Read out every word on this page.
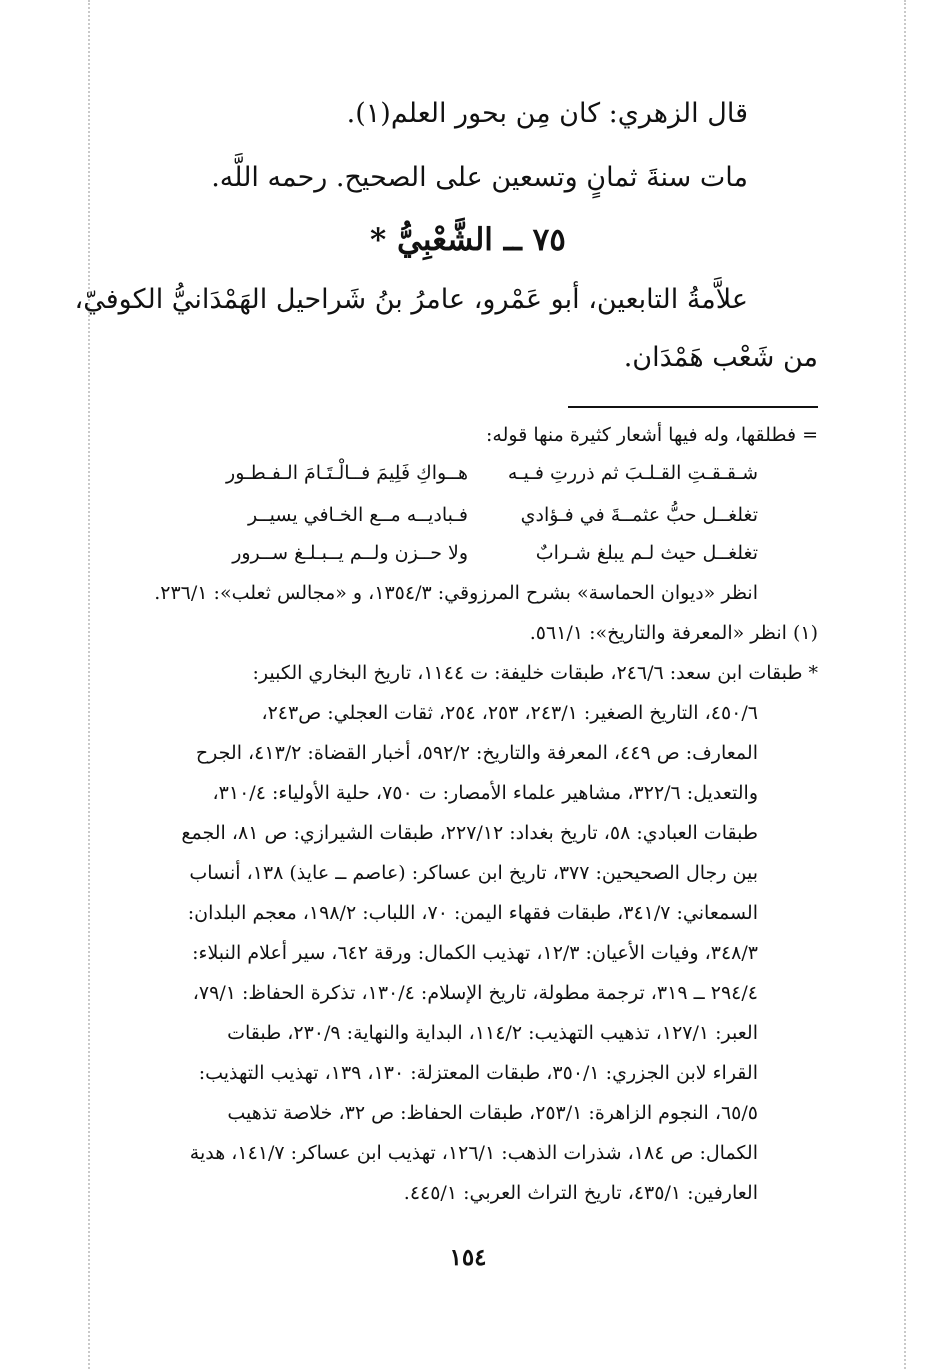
قال الزهري: كان مِن بحور العلم(١).
مات سنةَ ثمانٍ وتسعين على الصحيح. رحمه اللَّه.
٧٥ ــ الشَّعْبِيُّ *
علاَّمةُ التابعين، أبو عَمْرو، عامرُ بنُ شَراحيل الهَمْدَانيُّ الكوفيّ،
من شَعْب هَمْدَان.
= فطلقها، وله فيها أشعار كثيرة منها قوله:
شـقـقـتِ القـلـبَ ثم ذررتِ فـيـه
هــواكِ فَلِيمَ فــالْـتَـامَ الـفـطـور
تغلغــل حبُّ عثمــةَ في فـؤادي
فـباديــه مــع الخـافي يسيــر
تغلغــل حيث لـم يبلغ شـرابٌ
ولا حــزن ولــم يــبـلـغ ســرور
انظر «ديوان الحماسة» بشرح المرزوقي: ١٣٥٤/٣، و «مجالس ثعلب»: ٢٣٦/١.
(١) انظر «المعرفة والتاريخ»: ٥٦١/١.
* طبقات ابن سعد: ٢٤٦/٦، طبقات خليفة: ت ١١٤٤، تاريخ البخاري الكبير:
٤٥٠/٦، التاريخ الصغير: ٢٤٣/١، ٢٥٣، ٢٥٤، ثقات العجلي: ص٢٤٣،
المعارف: ص ٤٤٩، المعرفة والتاريخ: ٥٩٢/٢، أخبار القضاة: ٤١٣/٢، الجرح
والتعديل: ٣٢٢/٦، مشاهير علماء الأمصار: ت ٧٥٠، حلية الأولياء: ٣١٠/٤،
طبقات العبادي: ٥٨، تاريخ بغداد: ٢٢٧/١٢، طبقات الشيرازي: ص ٨١، الجمع
بين رجال الصحيحين: ٣٧٧، تاريخ ابن عساكر: (عاصم ــ عايذ) ١٣٨، أنساب
السمعاني: ٣٤١/٧، طبقات فقهاء اليمن: ٧٠، اللباب: ١٩٨/٢، معجم البلدان:
٣٤٨/٣، وفيات الأعيان: ١٢/٣، تهذيب الكمال: ورقة ٦٤٢، سير أعلام النبلاء:
٢٩٤/٤ ــ ٣١٩، ترجمة مطولة، تاريخ الإسلام: ١٣٠/٤، تذكرة الحفاظ: ٧٩/١،
العبر: ١٢٧/١، تذهيب التهذيب: ١١٤/٢، البداية والنهاية: ٢٣٠/٩، طبقات
القراء لابن الجزري: ٣٥٠/١، طبقات المعتزلة: ١٣٠، ١٣٩، تهذيب التهذيب:
٦٥/٥، النجوم الزاهرة: ٢٥٣/١، طبقات الحفاظ: ص ٣٢، خلاصة تذهيب
الكمال: ص ١٨٤، شذرات الذهب: ١٢٦/١، تهذيب ابن عساكر: ١٤١/٧، هدية
العارفين: ٤٣٥/١، تاريخ التراث العربي: ٤٤٥/١.
١٥٤
